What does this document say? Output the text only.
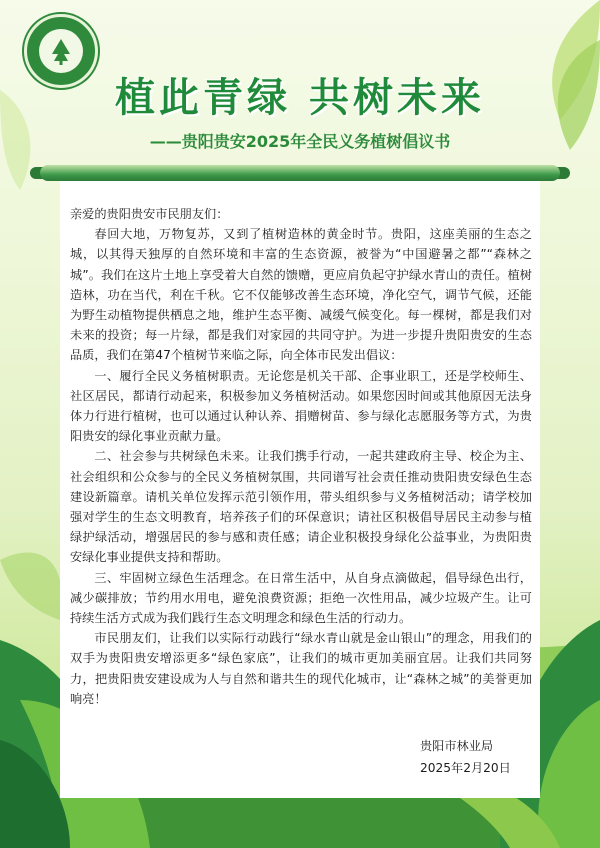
植此青绿 共树未来
——贵阳贵安2025年全民义务植树倡议书

亲爱的贵阳贵安市民朋友们：

春回大地，万物复苏，又到了植树造林的黄金时节。贵阳，这座美丽的生态之城，以其得天独厚的自然环境和丰富的生态资源，被誉为“中国避暑之都”“森林之城”。我们在这片土地上享受着大自然的馈赠，更应肩负起守护绿水青山的责任。植树造林，功在当代，利在千秋。它不仅能够改善生态环境，净化空气，调节气候，还能为野生动植物提供栖息之地，维护生态平衡、减缓气候变化。每一棵树，都是我们对未来的投资；每一片绿，都是我们对家园的共同守护。为进一步提升贵阳贵安的生态品质，我们在第47个植树节来临之际，向全体市民发出倡议：

一、履行全民义务植树职责。无论您是机关干部、企事业职工，还是学校师生、社区居民，都请行动起来，积极参加义务植树活动。如果您因时间或其他原因无法身体力行进行植树，也可以通过认种认养、捐赠树苗、参与绿化志愿服务等方式，为贵阳贵安的绿化事业贡献力量。

二、社会参与共树绿色未来。让我们携手行动，一起共建政府主导、校企为主、社会组织和公众参与的全民义务植树氛围，共同谱写社会责任推动贵阳贵安绿色生态建设新篇章。请机关单位发挥示范引领作用，带头组织参与义务植树活动；请学校加强对学生的生态文明教育，培养孩子们的环保意识；请社区积极倡导居民主动参与植绿护绿活动，增强居民的参与感和责任感；请企业积极投身绿化公益事业，为贵阳贵安绿化事业提供支持和帮助。

三、牢固树立绿色生活理念。在日常生活中，从自身点滴做起，倡导绿色出行，减少碳排放；节约用水用电，避免浪费资源；拒绝一次性用品，减少垃圾产生。让可持续生活方式成为我们践行生态文明理念和绿色生活的行动力。

市民朋友们，让我们以实际行动践行“绿水青山就是金山银山”的理念，用我们的双手为贵阳贵安增添更多“绿色家底”，让我们的城市更加美丽宜居。让我们共同努力，把贵阳贵安建设成为人与自然和谐共生的现代化城市，让“森林之城”的美誉更加响亮！

贵阳市林业局
2025年2月20日
